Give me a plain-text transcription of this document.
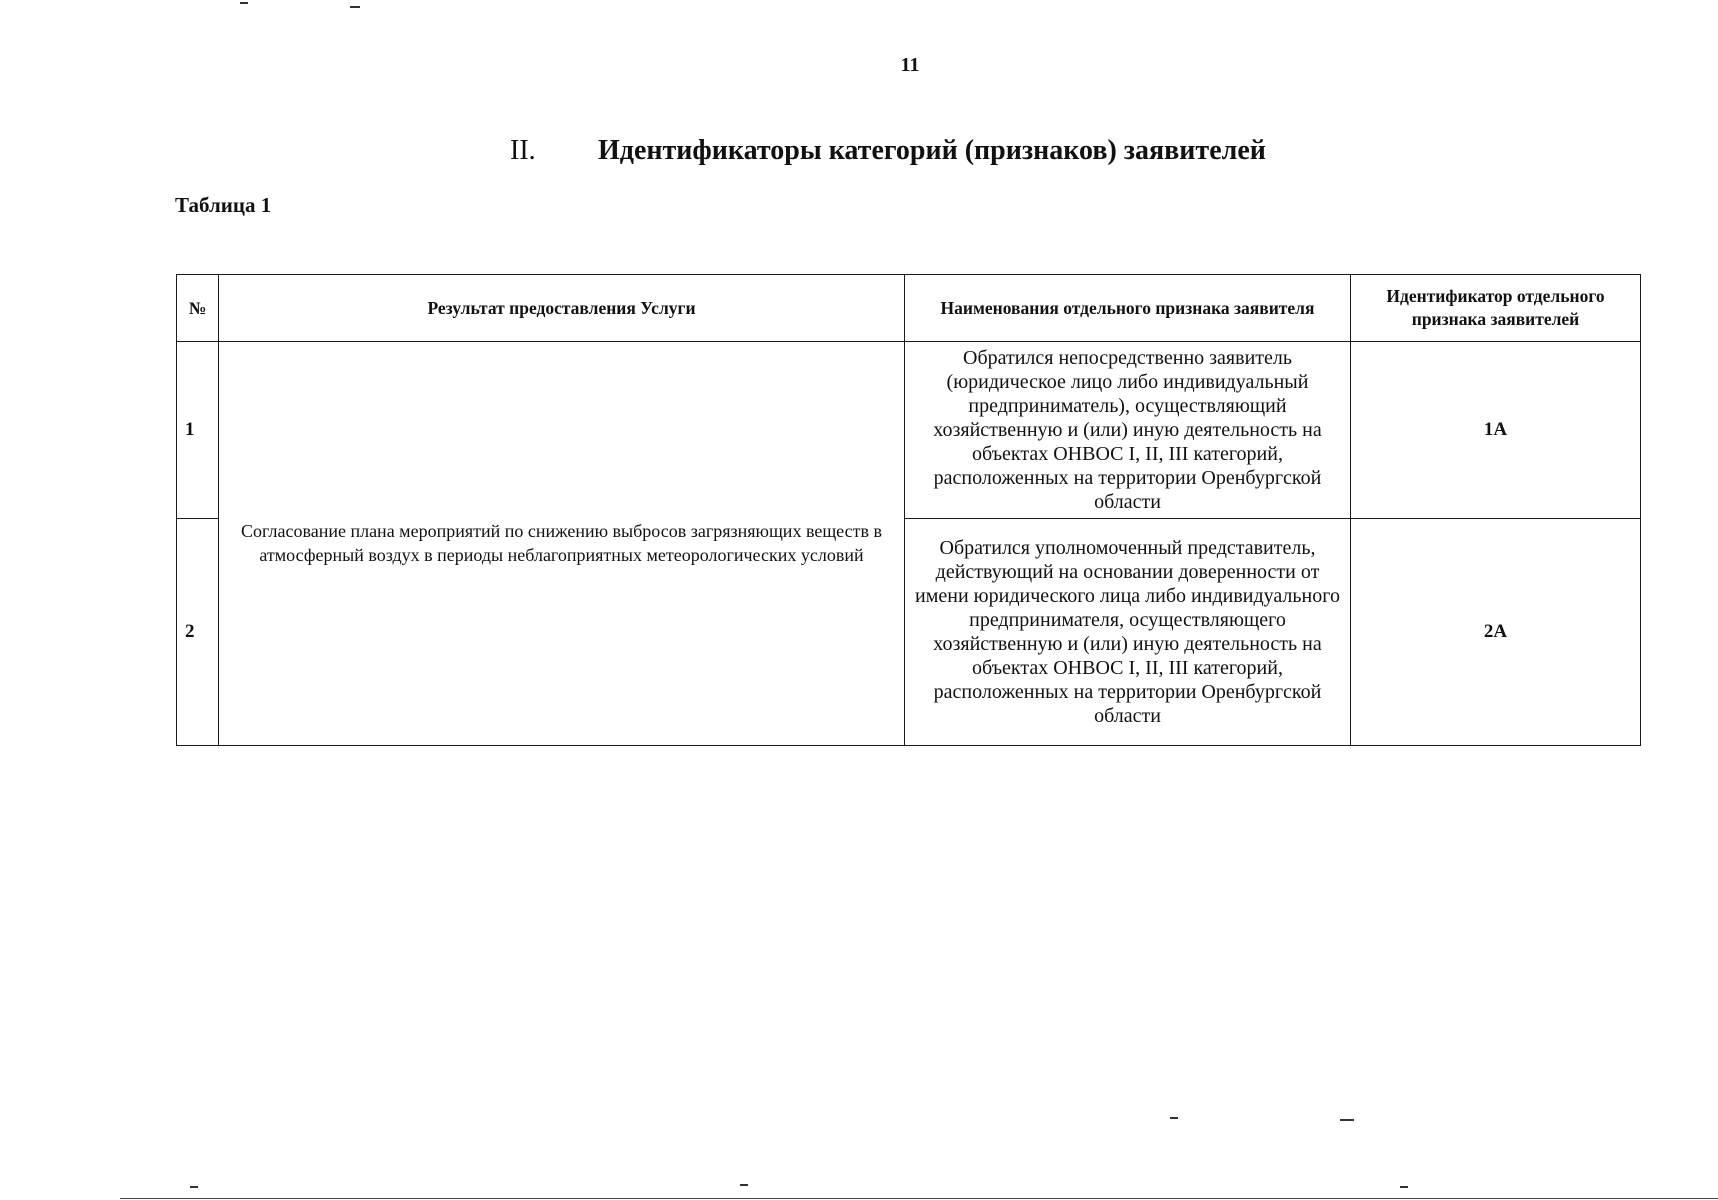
11
II. Идентификаторы категорий (признаков) заявителей
Таблица 1
№	Результат предоставления Услуги	Наименования отдельного признака заявителя	Идентификатор отдельного признака заявителей
1	Согласование плана мероприятий по снижению выбросов загрязняющих веществ в атмосферный воздух в периоды неблагоприятных метеорологических условий	Обратился непосредственно заявитель (юридическое лицо либо индивидуальный предприниматель), осуществляющий хозяйственную и (или) иную деятельность на объектах ОНВОС I, II, III категорий, расположенных на территории Оренбургской области	1А
2		Обратился уполномоченный представитель, действующий на основании доверенности от имени юридического лица либо индивидуального предпринимателя, осуществляющего хозяйственную и (или) иную деятельность на объектах ОНВОС I, II, III категорий, расположенных на территории Оренбургской области	2А
